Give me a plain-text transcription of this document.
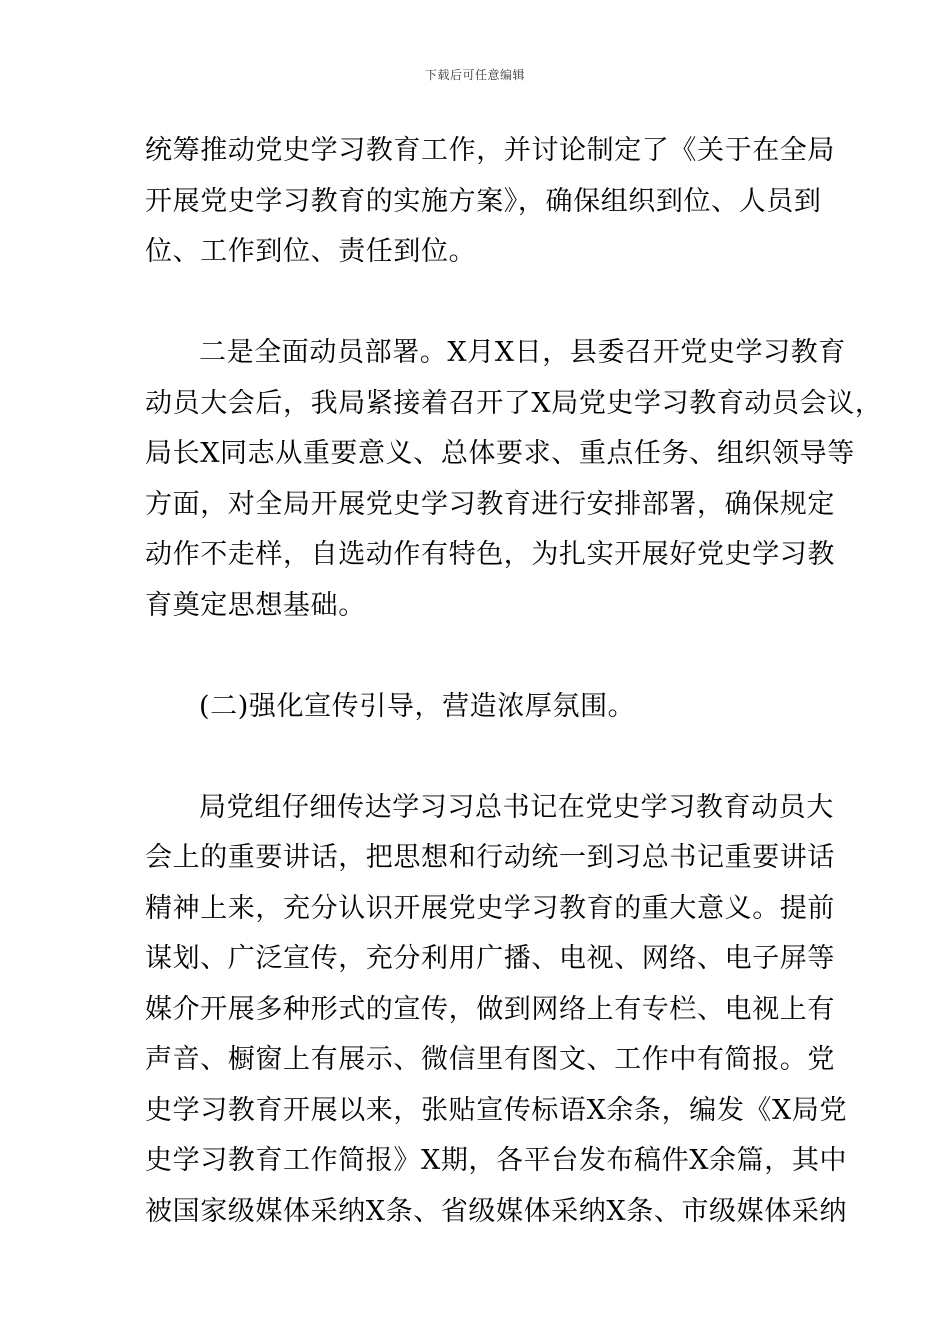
下载后可任意编辑
统筹推动党史学习教育工作，并讨论制定了《关于在全局
开展党史学习教育的实施方案》，确保组织到位、人员到
位、工作到位、责任到位。
二是全面动员部署。X月X日，县委召开党史学习教育
动员大会后，我局紧接着召开了X局党史学习教育动员会议，
局长X同志从重要意义、总体要求、重点任务、组织领导等
方面，对全局开展党史学习教育进行安排部署，确保规定
动作不走样，自选动作有特色，为扎实开展好党史学习教
育奠定思想基础。
(二)强化宣传引导，营造浓厚氛围。
局党组仔细传达学习习总书记在党史学习教育动员大
会上的重要讲话，把思想和行动统一到习总书记重要讲话
精神上来，充分认识开展党史学习教育的重大意义。提前
谋划、广泛宣传，充分利用广播、电视、网络、电子屏等
媒介开展多种形式的宣传，做到网络上有专栏、电视上有
声音、橱窗上有展示、微信里有图文、工作中有简报。党
史学习教育开展以来，张贴宣传标语X余条，编发《X局党
史学习教育工作简报》X期，各平台发布稿件X余篇，其中
被国家级媒体采纳X条、省级媒体采纳X条、市级媒体采纳
